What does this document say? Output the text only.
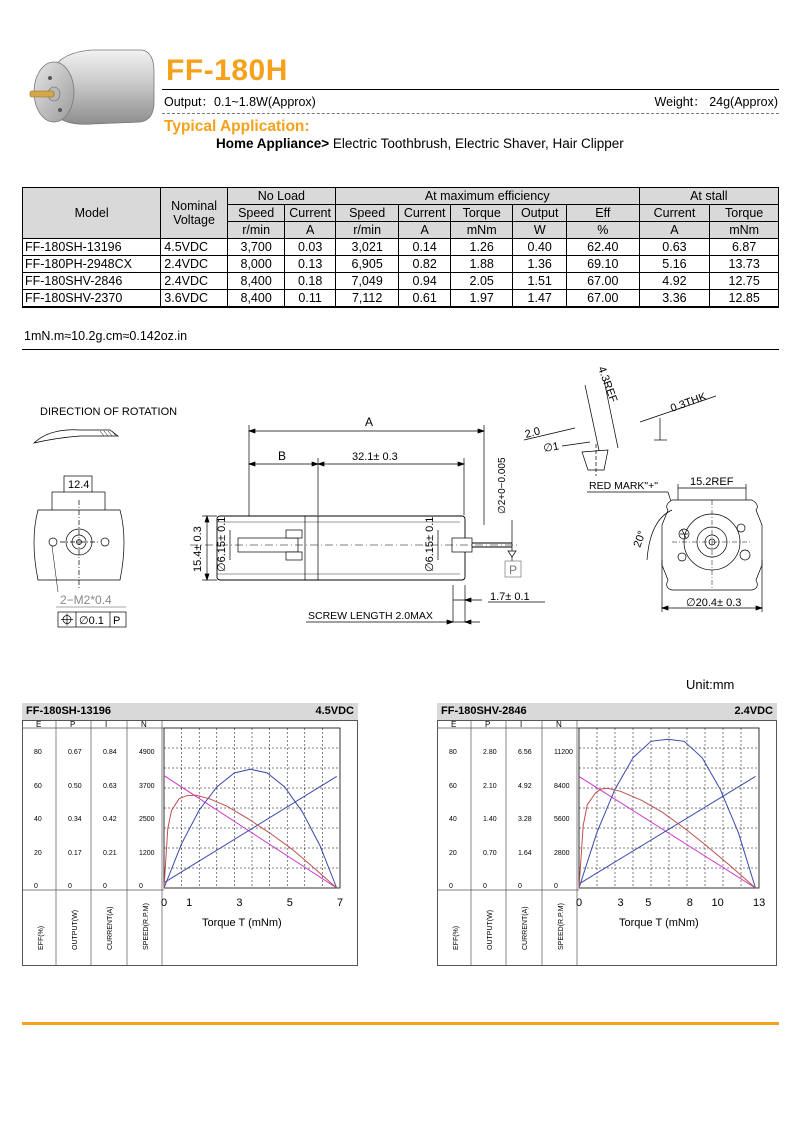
FF-180H
Output：0.1~1.8W(Approx)	Weight： 24g(Approx)
Typical Application:
Home Appliance> Electric Toothbrush, Electric Shaver, Hair Clipper
Model	Nominal Voltage	No Load		At maximum efficiency					At stall	
		Speed	Current	Speed	Current	Torque	Output	Eff	Current	Torque
		r/min	A	r/min	A	mNm	W	%	A	mNm
FF-180SH-13196	4.5VDC	3,700	0.03	3,021	0.14	1.26	0.40	62.40	0.63	6.87
FF-180PH-2948CX	2.4VDC	8,000	0.13	6,905	0.82	1.88	1.36	69.10	5.16	13.73
FF-180SHV-2846	2.4VDC	8,400	0.18	7,049	0.94	2.05	1.51	67.00	4.92	12.75
FF-180SHV-2370	3.6VDC	8,400	0.11	7,112	0.61	1.97	1.47	67.00	3.36	12.85
1mN.m≈10.2g.cm≈0.142oz.in
DIRECTION OF ROTATION
12.4
2−M2*0.4
∅0.1 P
A
B	32.1± 0.3
15.4± 0.3 ∅6.15± 0.1	∅6.15± 0.1
∅2+0−0.005
P
1.7± 0.1
SCREW LENGTH 2.0MAX
4.3REF
2.0
∅1
0.3THK
RED MARK"+"	15.2REF
20°
∅20.4± 0.3
Unit:mm
FF-180SH-13196	4.5VDC
E
80
60
40
20
0
EFF(%)
P
0.67
0.50
0.34
0.17
0
OUTPUT(W)
I
0.84
0.63
0.42
0.21
0
CURRENT(A)
N
4900
3700
2500
1200
0
SPEED(R.P.M)
0 1	3	5	7
Torque T (mNm)
FF-180SHV-2846	2.4VDC
E
80
60
40
20
0
EFF(%)
P
2.80
2.10
1.40
0.70
0
OUTPUT(W)
I
6.56
4.92
3.28
1.64
0
CURRENT(A)
N
11200
8400
5600
2800
0
SPEED(R.P.M)
0	3 5	8 10	13
Torque T (mNm)
